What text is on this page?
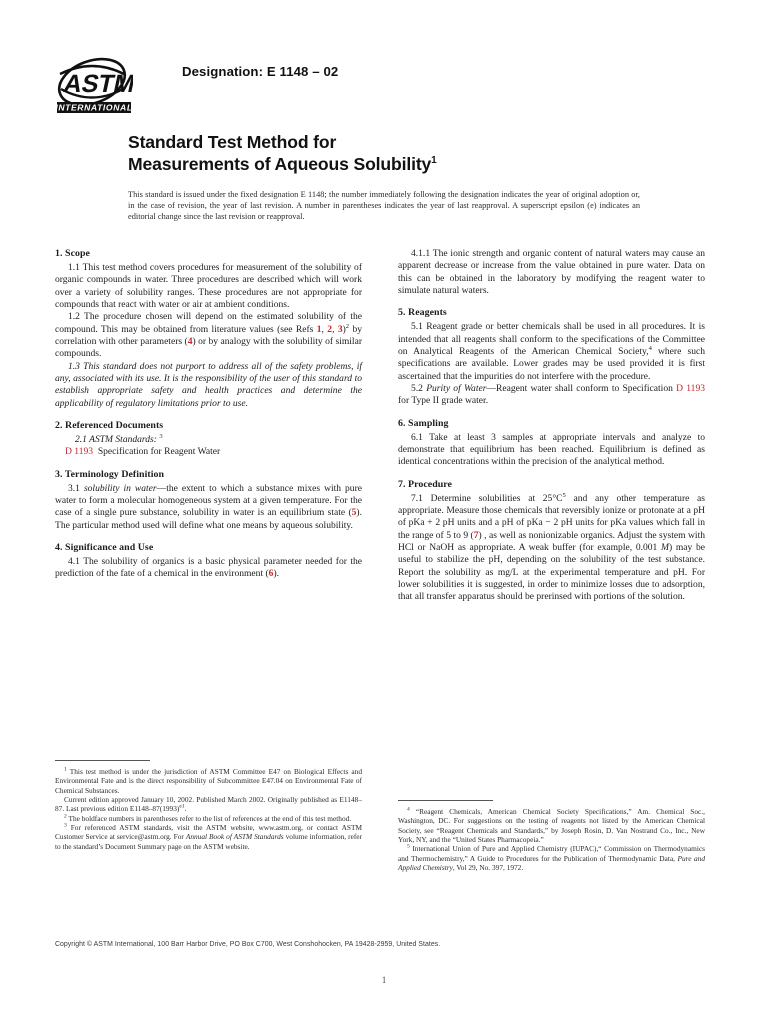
ASTM
INTERNATIONAL
Designation: E 1148 – 02
Standard Test Method for
Measurements of Aqueous Solubility$^1$
This standard is issued under the fixed designation E 1148; the number immediately following the designation indicates the year of original adoption or, in the case of revision, the year of last revision. A number in parentheses indicates the year of last reapproval. A superscript epsilon (e) indicates an editorial change since the last revision or reapproval.
1. Scope

1.1 This test method covers procedures for measurement of the solubility of organic compounds in water. Three procedures are described which will work over a variety of solubility ranges. These procedures are not appropriate for compounds that react with water or air at ambient conditions.

1.2 The procedure chosen will depend on the estimated solubility of the compound. This may be obtained from literature values (see Refs 1, 2, 3)$^2$ by correlation with other parameters (4) or by analogy with the solubility of similar compounds.

1.3 This standard does not purport to address all of the safety problems, if any, associated with its use. It is the responsibility of the user of this standard to establish appropriate safety and health practices and determine the applicability of regulatory limitations prior to use.

2. Referenced Documents

2.1 ASTM Standards: $^3$

D 1193 Specification for Reagent Water

3. Terminology Definition

3.1 solubility in water—the extent to which a substance mixes with pure water to form a molecular homogeneous system at a given temperature. For the case of a single pure substance, solubility in water is an equilibrium state (5). The particular method used will define what one means by aqueous solubility.

4. Significance and Use

4.1 The solubility of organics is a basic physical parameter needed for the prediction of the fate of a chemical in the environment (6).

4.1.1 The ionic strength and organic content of natural waters may cause an apparent decrease or increase from the value obtained in pure water. Data on this can be obtained in the laboratory by modifying the reagent water to simulate natural waters.

5. Reagents

5.1 Reagent grade or better chemicals shall be used in all procedures. It is intended that all reagents shall conform to the specifications of the Committee on Analytical Reagents of the American Chemical Society,$^4$ where such specifications are available. Lower grades may be used provided it is first ascertained that the impurities do not interfere with the procedure.

5.2 Purity of Water—Reagent water shall conform to Specification D 1193 for Type II grade water.

6. Sampling

6.1 Take at least 3 samples at appropriate intervals and analyze to demonstrate that equilibrium has been reached. Equilibrium is defined as identical concentrations within the precision of the analytical method.

7. Procedure

7.1 Determine solubilities at 25°C$^5$ and any other temperature as appropriate. Measure those chemicals that reversibly ionize or protonate at a pH of pKa + 2 pH units and a pH of pKa − 2 pH units for pKa values which fall in the range of 5 to 9 (7) , as well as nonionizable organics. Adjust the system with HCl or NaOH as appropriate. A weak buffer (for example, 0.001 M) may be useful to stabilize the pH, depending on the solubility of the test substance. Report the solubility as mg/L at the experimental temperature and pH. For lower solubilities it is suggested, in order to minimize losses due to adsorption, that all transfer apparatus should be prerinsed with portions of the solution.

$^1$ This test method is under the jurisdiction of ASTM Committee E47 on Biological Effects and Environmental Fate and is the direct responsibility of Subcommittee E47.04 on Environmental Fate of Chemical Substances.

Current edition approved January 10, 2002. Published March 2002. Originally published as E1148–87. Last previous edition $E1148-87(1993)^{e1}$.

$^2$ The boldface numbers in parentheses refer to the list of references at the end of this test method.

$^3$ For referenced ASTM standards, visit the ASTM website, www.astm.org, or contact ASTM Customer Service at service@astm.org. For Annual Book of ASTM Standards volume information, refer to the standard’s Document Summary page on the ASTM website.

$^4$ “Reagent Chemicals, American Chemical Society Specifications,” Am. Chemical Soc., Washington, DC. For suggestions on the testing of reagents not listed by the American Chemical Society, see “Reagent Chemicals and Standards,” by Joseph Rosin, D. Van Nostrand Co., Inc., New York, NY, and the “United States Pharmacopeia.”

$^5$ International Union of Pure and Applied Chemistry (IUPAC),“ Commission on Thermodynamics and Thermochemistry,” A Guide to Procedures for the Publication of Thermodynamic Data, Pure and Applied Chemistry, Vol 29, No. 397, 1972.

Copyright © ASTM International, 100 Barr Harbor Drive, PO Box C700, West Conshohocken, PA 19428-2959, United States.
1
